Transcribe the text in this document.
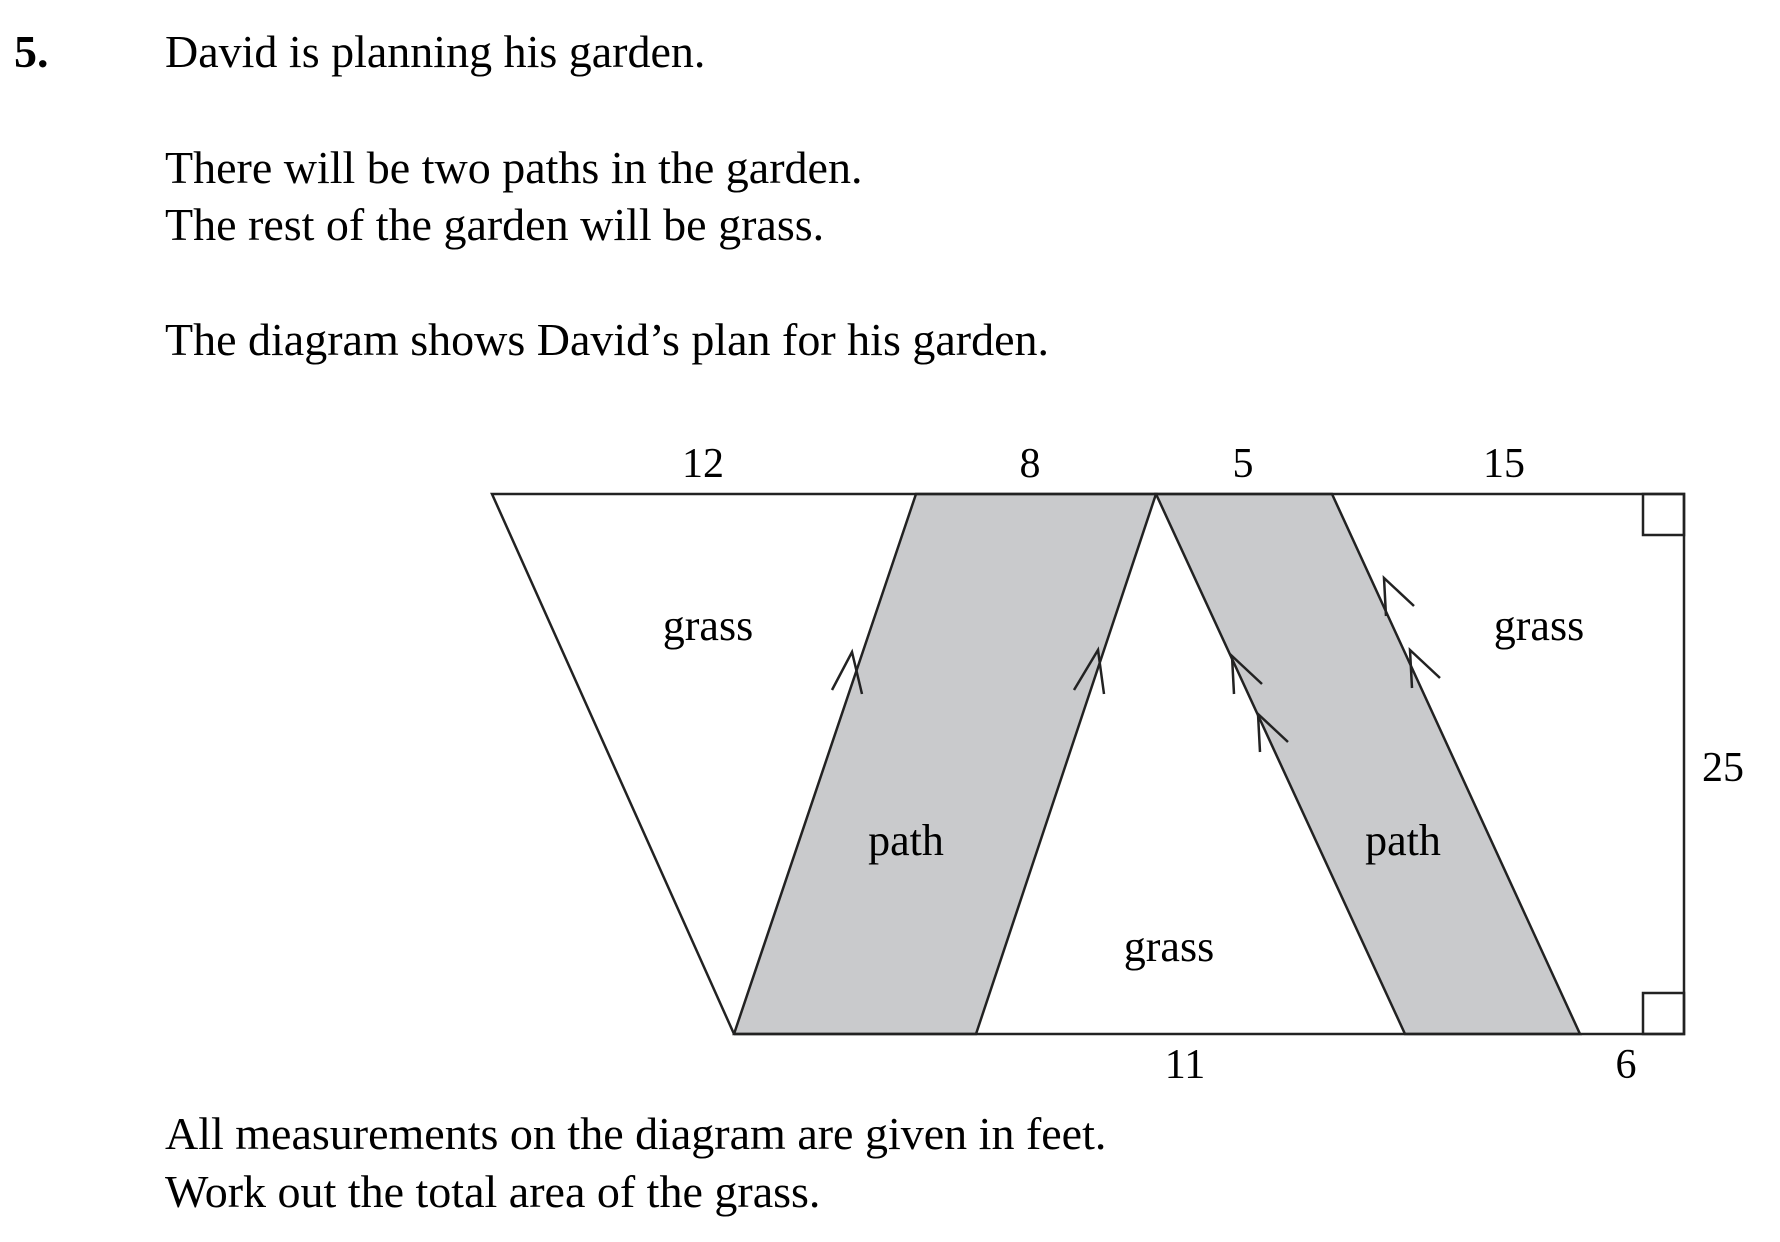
5.	David is planning his garden.
There will be two paths in the garden.
The rest of the garden will be grass.
The diagram shows David’s plan for his garden.
12	8	5	15
25
11	6
grass	grass
grass
path	path
All measurements on the diagram are given in feet.
Work out the total area of the grass.
